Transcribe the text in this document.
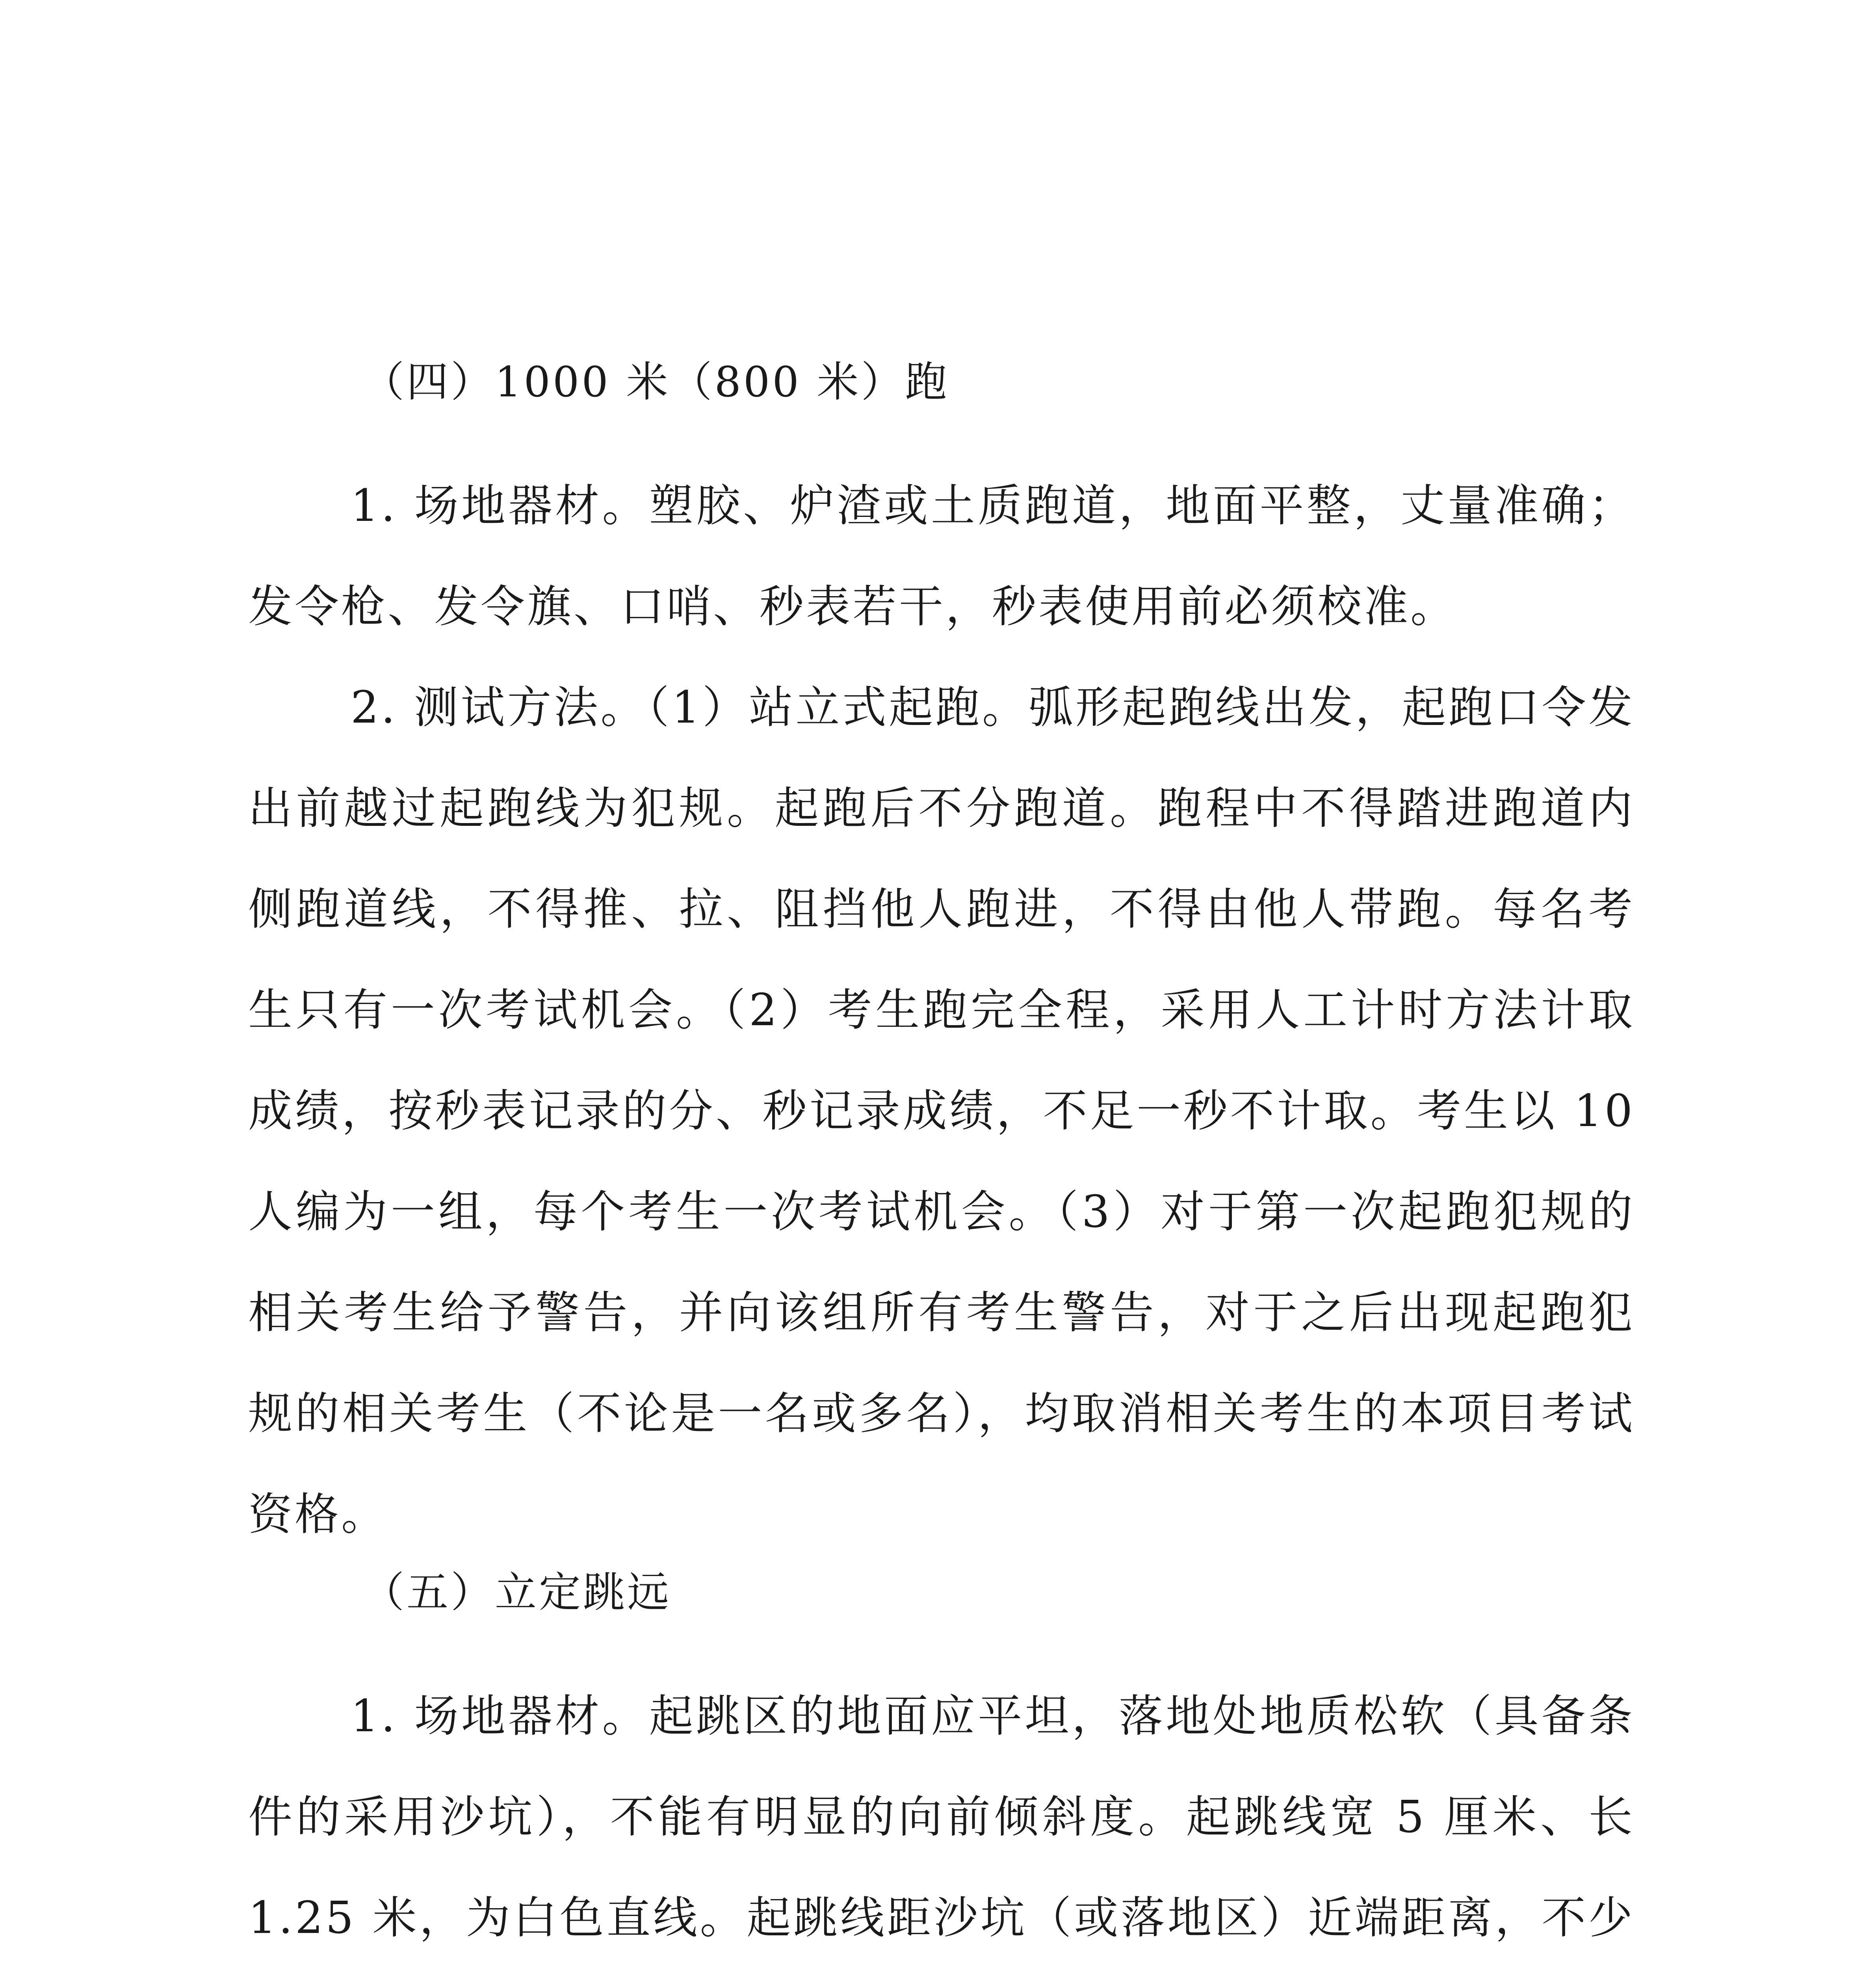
（四）1000 米（800 米）跑

1. 场地器材。塑胶、炉渣或土质跑道，地面平整，丈量准确；发令枪、发令旗、口哨、秒表若干，秒表使用前必须校准。

2. 测试方法。（1）站立式起跑。弧形起跑线出发，起跑口令发出前越过起跑线为犯规。起跑后不分跑道。跑程中不得踏进跑道内侧跑道线，不得推、拉、阻挡他人跑进，不得由他人带跑。每名考生只有一次考试机会。（2）考生跑完全程，采用人工计时方法计取成绩，按秒表记录的分、秒记录成绩，不足一秒不计取。考生以 10 人编为一组，每个考生一次考试机会。（3）对于第一次起跑犯规的相关考生给予警告，并向该组所有考生警告，对于之后出现起跑犯规的相关考生（不论是一名或多名），均取消相关考生的本项目考试资格。

（五）立定跳远

1. 场地器材。起跳区的地面应平坦，落地处地质松软（具备条件的采用沙坑），不能有明显的向前倾斜度。起跳线宽 5 厘米、长 1.25 米，为白色直线。起跳线距沙坑（或落地区）近端距离，不少
